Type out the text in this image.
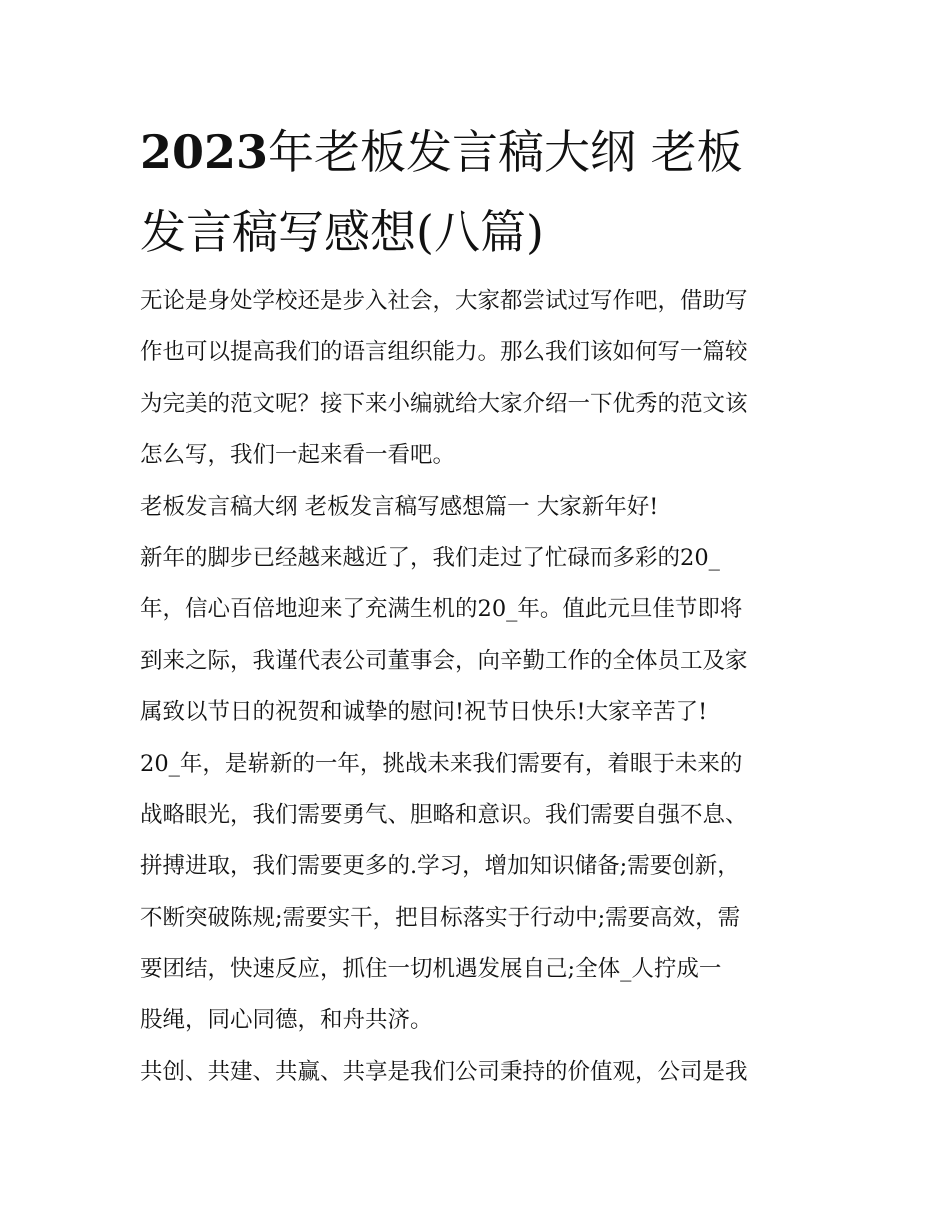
2023年老板发言稿大纲 老板
发言稿写感想(八篇)
无论是身处学校还是步入社会，大家都尝试过写作吧，借助写
作也可以提高我们的语言组织能力。那么我们该如何写一篇较
为完美的范文呢？接下来小编就给大家介绍一下优秀的范文该
怎么写，我们一起来看一看吧。
老板发言稿大纲 老板发言稿写感想篇一 大家新年好!
新年的脚步已经越来越近了，我们走过了忙碌而多彩的20_
年，信心百倍地迎来了充满生机的20_年。值此元旦佳节即将
到来之际，我谨代表公司董事会，向辛勤工作的全体员工及家
属致以节日的祝贺和诚挚的慰问!祝节日快乐!大家辛苦了!
20_年，是崭新的一年，挑战未来我们需要有，着眼于未来的
战略眼光，我们需要勇气、胆略和意识。我们需要自强不息、
拼搏进取，我们需要更多的.学习，增加知识储备;需要创新，
不断突破陈规;需要实干，把目标落实于行动中;需要高效，需
要团结，快速反应，抓住一切机遇发展自己;全体_人拧成一
股绳，同心同德，和舟共济。
共创、共建、共赢、共享是我们公司秉持的价值观，公司是我
